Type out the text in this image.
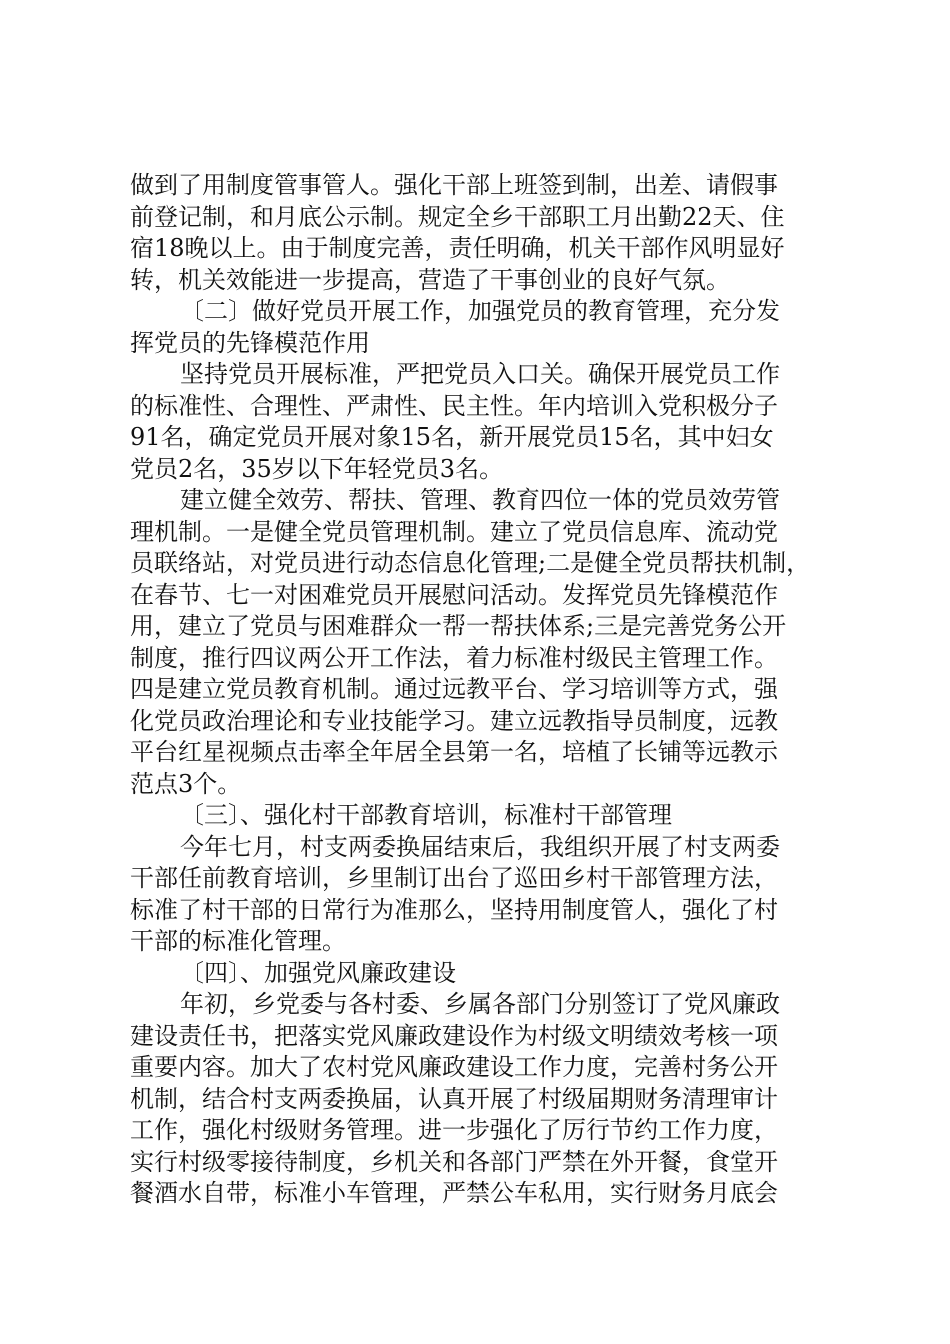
做到了用制度管事管人。强化干部上班签到制，出差、请假事
前登记制，和月底公示制。规定全乡干部职工月出勤22天、住
宿18晚以上。由于制度完善，责任明确，机关干部作风明显好
转，机关效能进一步提高，营造了干事创业的良好气氛。
〔二〕做好党员开展工作，加强党员的教育管理，充分发
挥党员的先锋模范作用
坚持党员开展标准，严把党员入口关。确保开展党员工作
的标准性、合理性、严肃性、民主性。年内培训入党积极分子
91名，确定党员开展对象15名，新开展党员15名，其中妇女
党员2名，35岁以下年轻党员3名。
建立健全效劳、帮扶、管理、教育四位一体的党员效劳管
理机制。一是健全党员管理机制。建立了党员信息库、流动党
员联络站，对党员进行动态信息化管理;二是健全党员帮扶机制，
在春节、七一对困难党员开展慰问活动。发挥党员先锋模范作
用，建立了党员与困难群众一帮一帮扶体系;三是完善党务公开
制度，推行四议两公开工作法，着力标准村级民主管理工作。
四是建立党员教育机制。通过远教平台、学习培训等方式，强
化党员政治理论和专业技能学习。建立远教指导员制度，远教
平台红星视频点击率全年居全县第一名，培植了长铺等远教示
范点3个。
〔三〕、强化村干部教育培训，标准村干部管理
今年七月，村支两委换届结束后，我组织开展了村支两委
干部任前教育培训，乡里制订出台了巡田乡村干部管理方法，
标准了村干部的日常行为准那么，坚持用制度管人，强化了村
干部的标准化管理。
〔四〕、加强党风廉政建设
年初，乡党委与各村委、乡属各部门分别签订了党风廉政
建设责任书，把落实党风廉政建设作为村级文明绩效考核一项
重要内容。加大了农村党风廉政建设工作力度，完善村务公开
机制，结合村支两委换届，认真开展了村级届期财务清理审计
工作，强化村级财务管理。进一步强化了厉行节约工作力度，
实行村级零接待制度，乡机关和各部门严禁在外开餐，食堂开
餐酒水自带，标准小车管理，严禁公车私用，实行财务月底会
